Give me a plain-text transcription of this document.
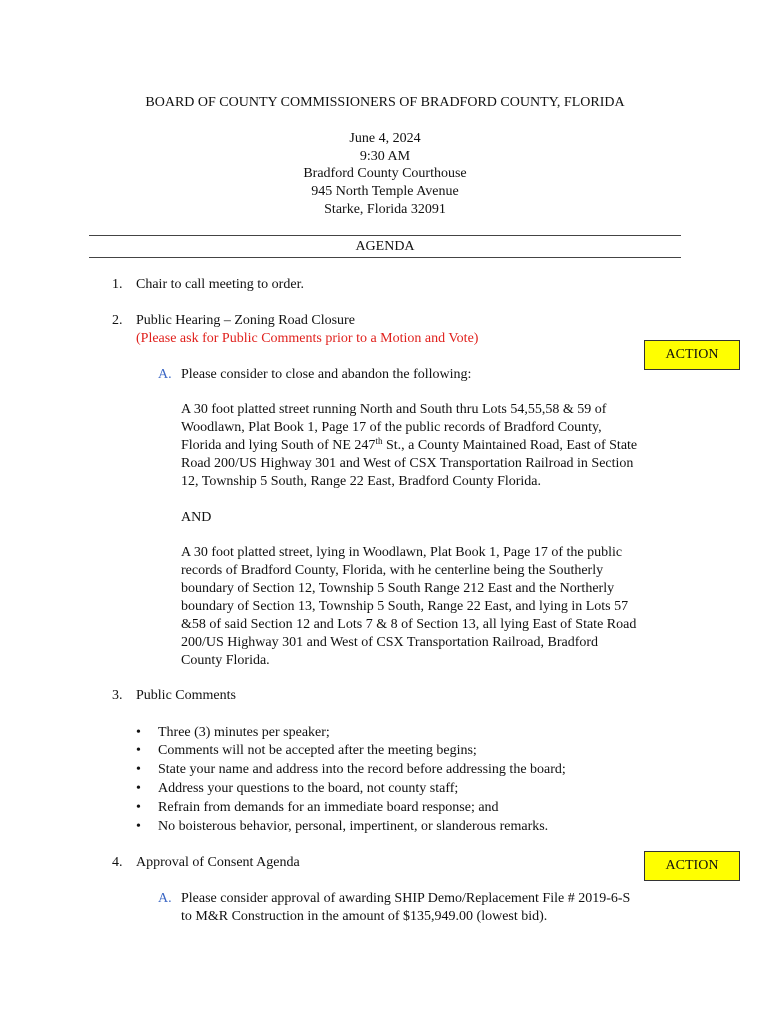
BOARD OF COUNTY COMMISSIONERS OF BRADFORD COUNTY, FLORIDA
June 4, 2024
9:30 AM
Bradford County Courthouse
945 North Temple Avenue
Starke, Florida 32091
AGENDA
1. Chair to call meeting to order.
2. Public Hearing – Zoning Road Closure
(Please ask for Public Comments prior to a Motion and Vote)
ACTION
A. Please consider to close and abandon the following:
A 30 foot platted street running North and South thru Lots 54,55,58 & 59 of
Woodlawn, Plat Book 1, Page 17 of the public records of Bradford County,
Florida and lying South of NE 247th St., a County Maintained Road, East of State
Road 200/US Highway 301 and West of CSX Transportation Railroad in Section
12, Township 5 South, Range 22 East, Bradford County Florida.
AND
A 30 foot platted street, lying in Woodlawn, Plat Book 1, Page 17 of the public
records of Bradford County, Florida, with he centerline being the Southerly
boundary of Section 12, Township 5 South Range 212 East and the Northerly
boundary of Section 13, Township 5 South, Range 22 East, and lying in Lots 57
&58 of said Section 12 and Lots 7 & 8 of Section 13, all lying East of State Road
200/US Highway 301 and West of CSX Transportation Railroad, Bradford
County Florida.
3. Public Comments
• Three (3) minutes per speaker;
• Comments will not be accepted after the meeting begins;
• State your name and address into the record before addressing the board;
• Address your questions to the board, not county staff;
• Refrain from demands for an immediate board response; and
• No boisterous behavior, personal, impertinent, or slanderous remarks.
4. Approval of Consent Agenda	ACTION
A. Please consider approval of awarding SHIP Demo/Replacement File # 2019-6-S
to M&R Construction in the amount of $135,949.00 (lowest bid).
